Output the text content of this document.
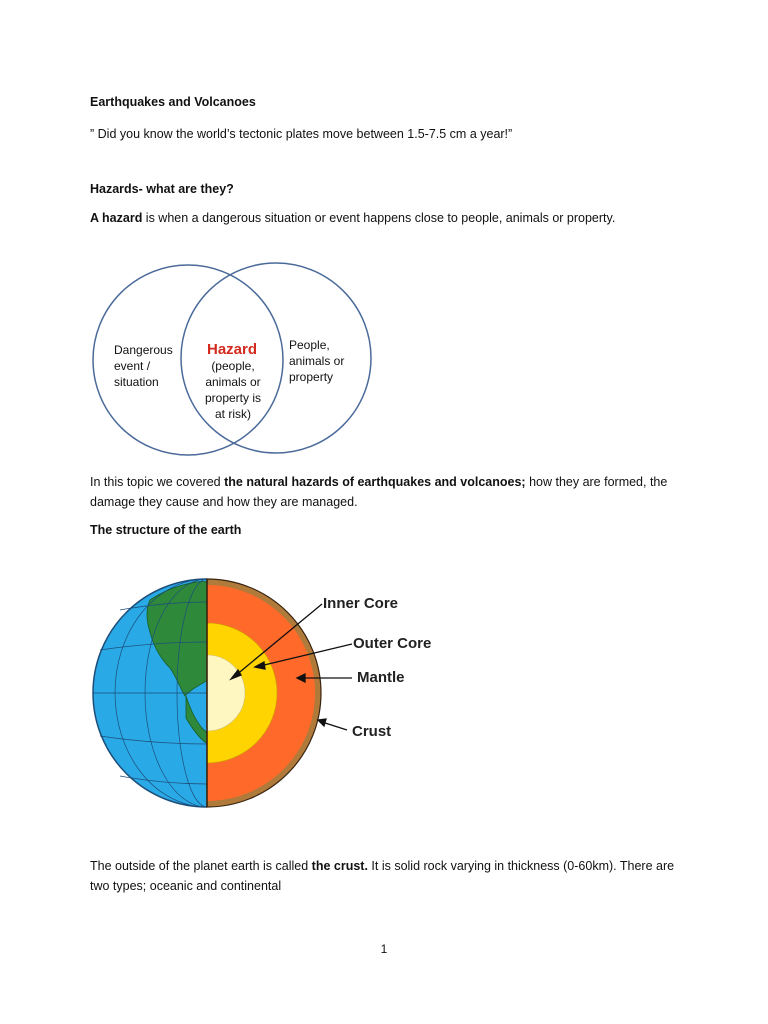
Earthquakes and Volcanoes

” Did you know the world’s tectonic plates move between 1.5-7.5 cm a year!”

Hazards- what are they?

A hazard is when a dangerous situation or event happens close to people, animals or property.

Dangerous
event /
situation
Hazard
(people,
animals or
property is
at risk)
People,
animals or
property

In this topic we covered the natural hazards of earthquakes and volcanoes; how they are formed, the damage they cause and how they are managed.

The structure of the earth

Inner Core
Outer Core
Mantle
Crust

The outside of the planet earth is called the crust. It is solid rock varying in thickness (0-60km). There are two types; oceanic and continental

1
